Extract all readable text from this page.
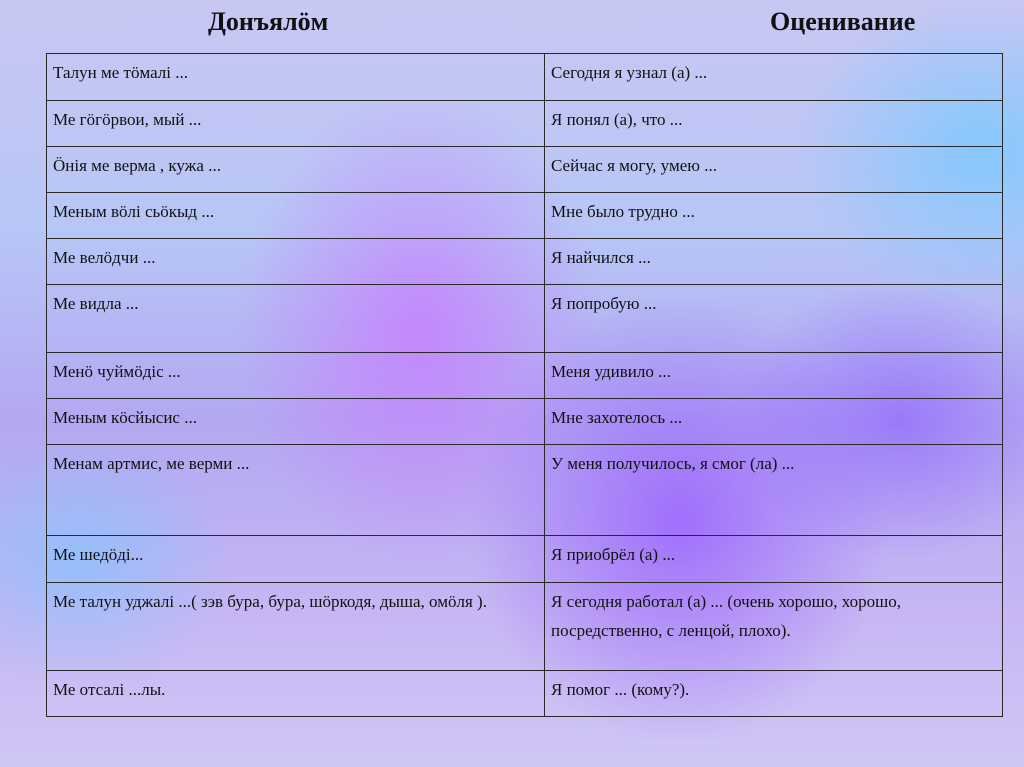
Донъялӧм	Оценивание
Талун ме тӧмалі ...	Сегодня я узнал (а) ...

Ме гӧгӧрвои, мый ...	Я понял (а), что ...

Ӧнія ме верма , кужа ...	Сейчас я могу, умею ...

Меным вӧлі сьӧкыд ...	Мне было трудно ...

Ме велӧдчи ...	Я найчился ...

Ме видла ...	Я попробую ...

Менӧ чуймӧдіс ...	Меня удивило ...

Меным кӧсйысис ...	Мне захотелось ...

Менам артмис, ме верми ...	У меня получилось, я смог (ла) ...

Ме шедӧді...	Я приобрёл (а) ...

Ме талун уджалі ...( зэв бура, бура, шӧркодя, дыша, омӧля ).	Я сегодня работал (а) ... (очень хорошо, хорошо, посредственно, с ленцой, плохо).

Ме отсалі ...лы.	Я помог ... (кому?).
